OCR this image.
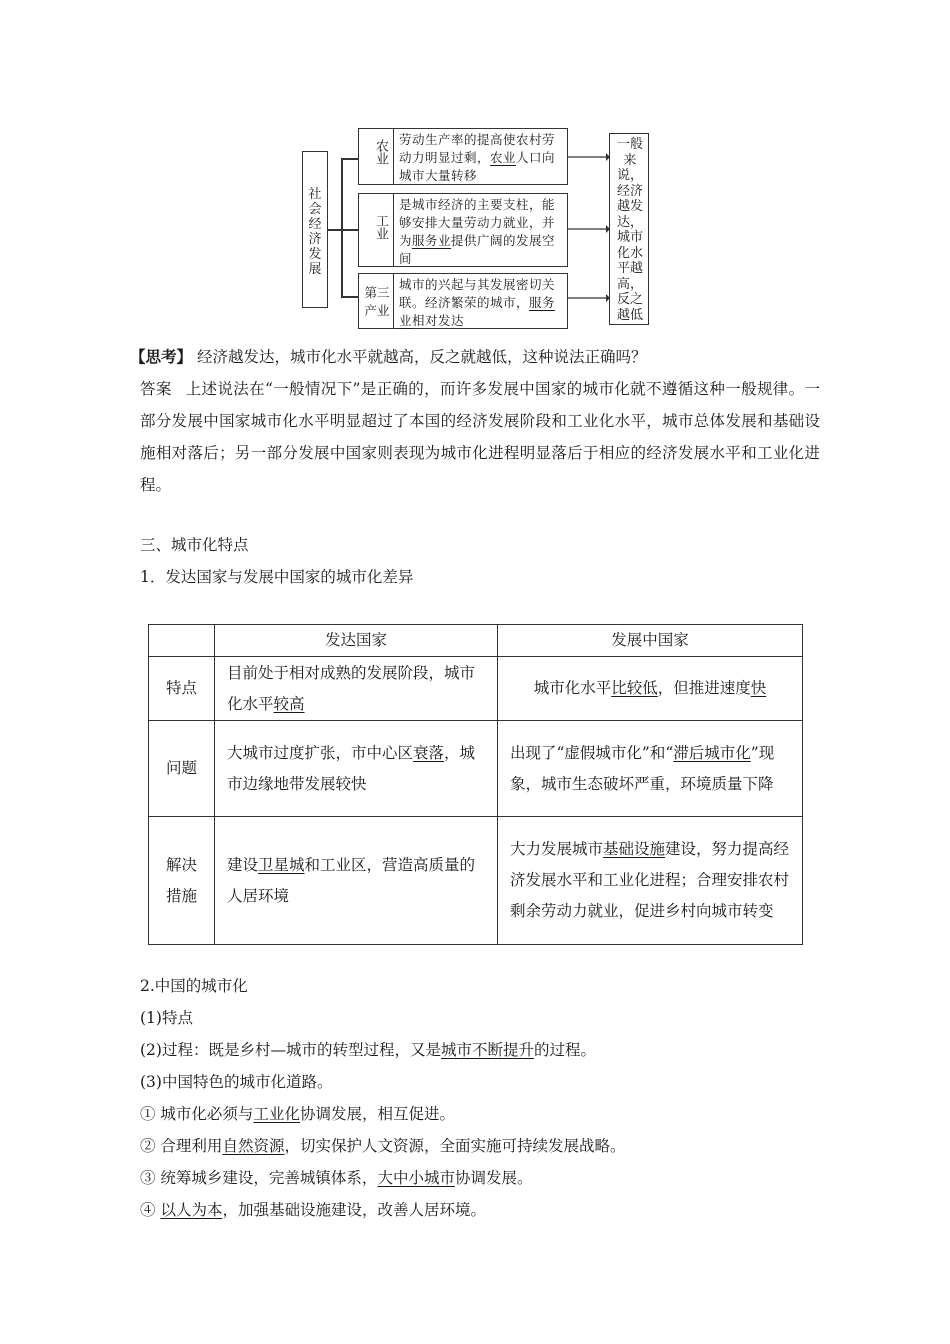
社
会
经
济
发
展
农业 劳动生产率的提高使农村劳动力明显过剩，农业人口向城市大量转移
工业
是城市经济的主要支柱，能够安排大量劳动力就业，并为服务业提供广阔的发展空间
第三产业
城市的兴起与其发展密切关联。经济繁荣的城市，服务业相对发达
一般来说，经济越发达，城市化水平越高，反之越低
【思考】 经济越发达，城市化水平就越高，反之就越低，这种说法正确吗？
答案 上述说法在“一般情况下”是正确的，而许多发展中国家的城市化就不遵循这种一般规律。一部分发展中国家城市化水平明显超过了本国的经济发展阶段和工业化水平，城市总体发展和基础设施相对落后；另一部分发展中国家则表现为城市化进程明显落后于相应的经济发展水平和工业化进程。
三、城市化特点
1．发达国家与发展中国家的城市化差异
	发达国家	发展中国家
特点	目前处于相对成熟的发展阶段，城市化水平较高	城市化水平比较低，但推进速度快
问题	大城市过度扩张，市中心区衰落，城市边缘地带发展较快	出现了“虚假城市化”和“滞后城市化”现象，城市生态破坏严重，环境质量下降
解决措施	建设卫星城和工业区，营造高质量的人居环境	大力发展城市基础设施建设，努力提高经济发展水平和工业化进程；合理安排农村剩余劳动力就业，促进乡村向城市转变
2.中国的城市化
(1)特点
(2)过程：既是乡村—城市的转型过程，又是城市不断提升的过程。
(3)中国特色的城市化道路。
① 城市化必须与工业化协调发展，相互促进。
② 合理利用自然资源，切实保护人文资源，全面实施可持续发展战略。
③ 统筹城乡建设，完善城镇体系，大中小城市协调发展。
④ 以人为本，加强基础设施建设，改善人居环境。
